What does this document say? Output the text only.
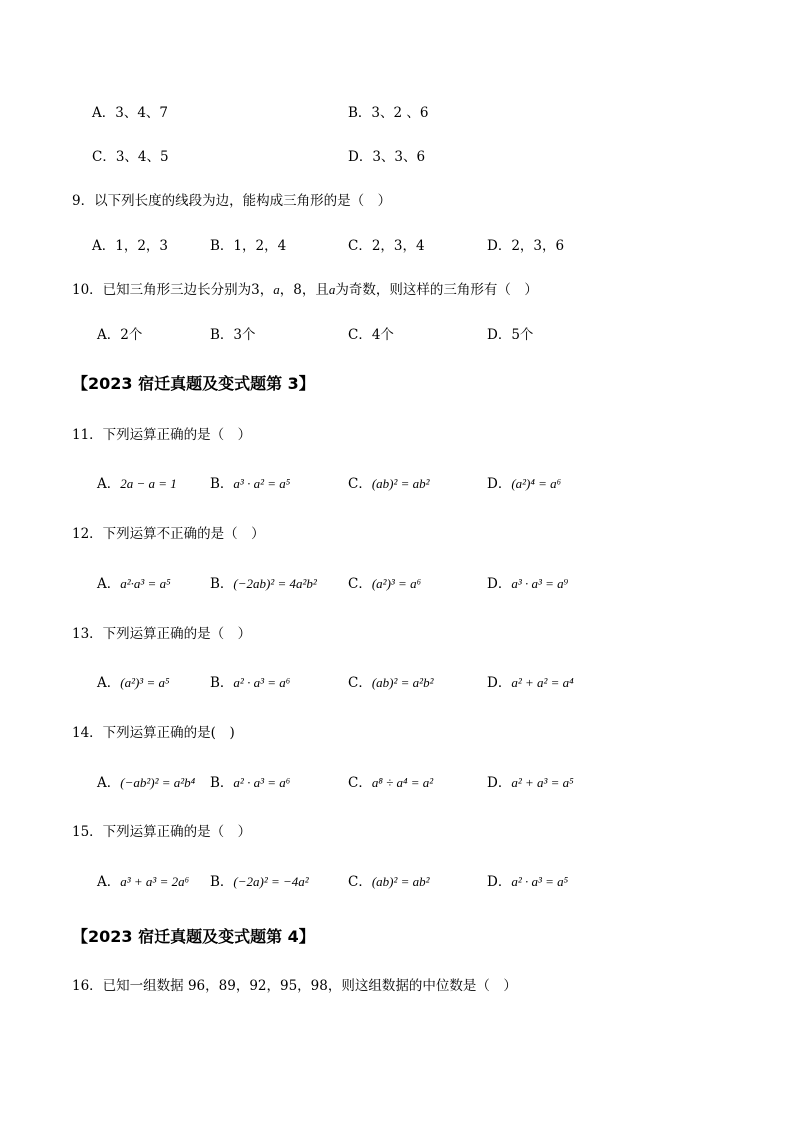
A．3、4、7	B．3、2 、6
C．3、4、5	D．3、3、6
9．以下列长度的线段为边，能构成三角形的是（　）
A．1，2，3	B．1，2，4	C．2，3，4	D．2，3，6
10．已知三角形三边长分别为3，a，8，且a为奇数，则这样的三角形有（　）
A．2个	B．3个	C．4个	D．5个
【2023 宿迁真题及变式题第 3】
11．下列运算正确的是（　）
A．2a − a = 1 B．a³ · a² = a⁵	C．(ab)² = ab²	D．(a²)⁴ = a⁶
12．下列运算不正确的是（　）
A．a²·a³ = a⁵	B．(−2ab)² = 4a²b² C．(a²)³ = a⁶	D．a³ · a³ = a⁹
13．下列运算正确的是（　）
A．(a²)³ = a⁵	B．a² · a³ = a⁶	C．(ab)² = a²b²	D．a² + a² = a⁴
14．下列运算正确的是(　)
A．(−ab²)² = a²b⁴ B．a² · a³ = a⁶	C．a⁸ ÷ a⁴ = a²	D．a² + a³ = a⁵
15．下列运算正确的是（　）
A．a³ + a³ = 2a⁶ B．(−2a)² = −4a²	C．(ab)² = ab²	D．a² · a³ = a⁵
【2023 宿迁真题及变式题第 4】
16．已知一组数据 96，89，92，95，98，则这组数据的中位数是（　）
